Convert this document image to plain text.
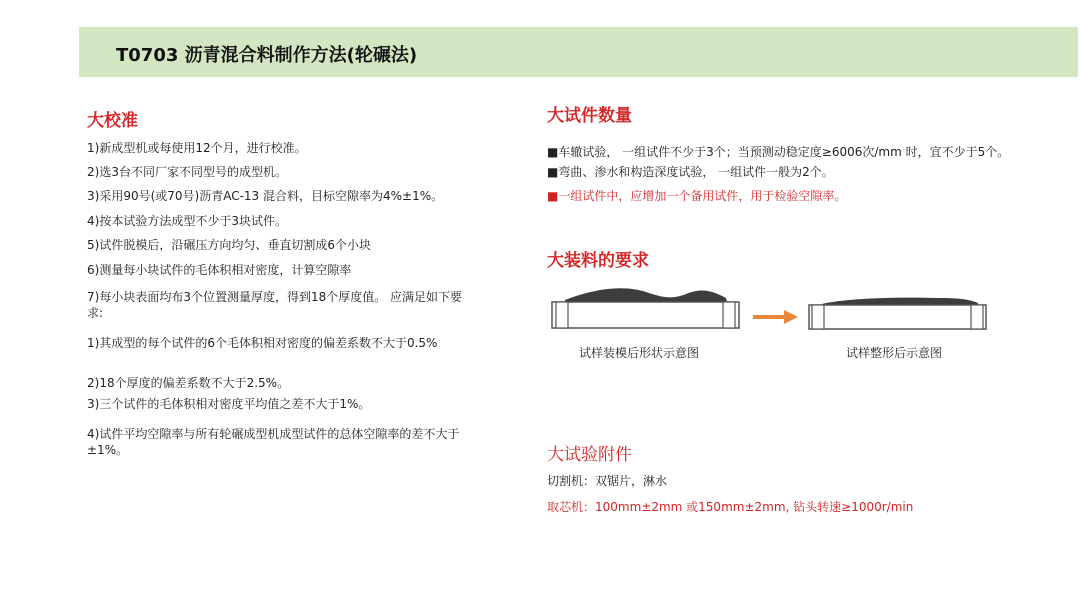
T0703 沥青混合料制作方法(轮碾法)
大校准
1)新成型机或每使用12个月，进行校准。
2)选3台不同厂家不同型号的成型机。
3)采用90号(或70号)沥青AC-13 混合料，目标空隙率为4%±1%。
4)按本试验方法成型不少于3块试件。
5)试件脱模后，沿碾压方向均匀、垂直切割成6个小块
6)测量每小块试件的毛体积相对密度，计算空隙率
7)每小块表面均布3个位置测量厚度，得到18个厚度值。 应满足如下要求:
1)其成型的每个试件的6个毛体积相对密度的偏差系数不大于0.5%
2)18个厚度的偏差系数不大于2.5%。
3)三个试件的毛体积相对密度平均值之差不大于1%。
4)试件平均空隙率与所有轮碾成型机成型试件的总体空隙率的差不大于±1%。
大试件数量
■车辙试验， 一组试件不少于3个；当预测动稳定度≥6006次/mm 时，宜不少于5个。
■弯曲、渗水和构造深度试验， 一组试件一般为2个。
■一组试件中，应增加一个备用试件，用于检验空隙率。
大装料的要求
试样装模后形状示意图	试样整形后示意图
大试验附件
切割机：双锯片，淋水
取芯机：100mm±2mm 或150mm±2mm, 钻头转速≥1000r/min
